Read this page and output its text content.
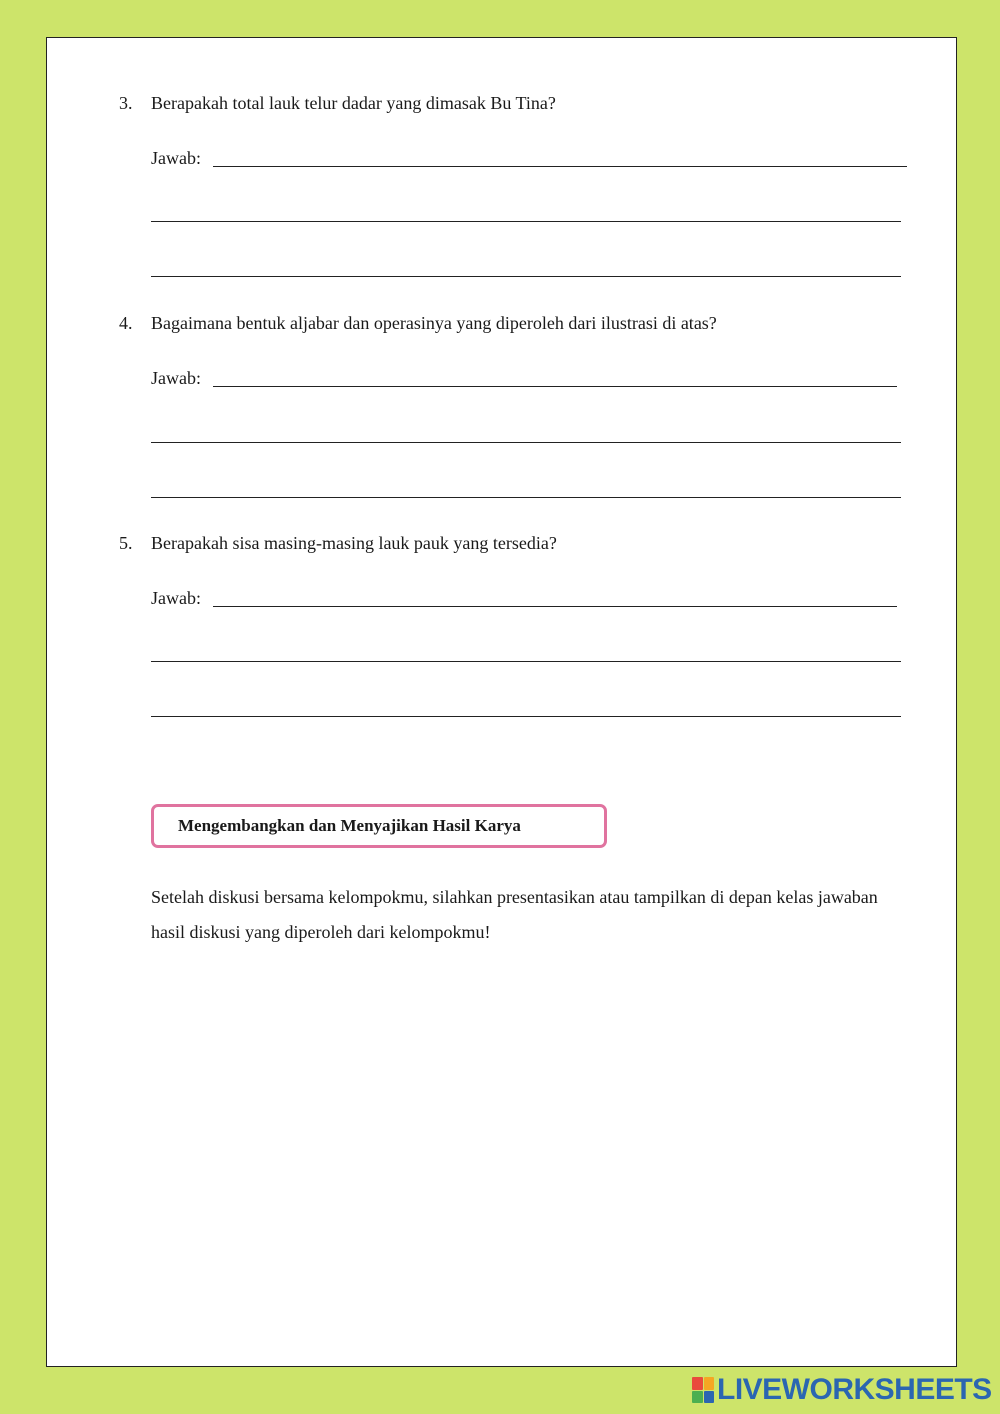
3. Berapakah total lauk telur dadar yang dimasak Bu Tina?
Jawab:
4. Bagaimana bentuk aljabar dan operasinya yang diperoleh dari ilustrasi di atas?
Jawab:
5. Berapakah sisa masing-masing lauk pauk yang tersedia?
Jawab:
Mengembangkan dan Menyajikan Hasil Karya
Setelah diskusi bersama kelompokmu, silahkan presentasikan atau tampilkan di depan kelas jawaban hasil diskusi yang diperoleh dari kelompokmu!
LIVEWORKSHEETS
